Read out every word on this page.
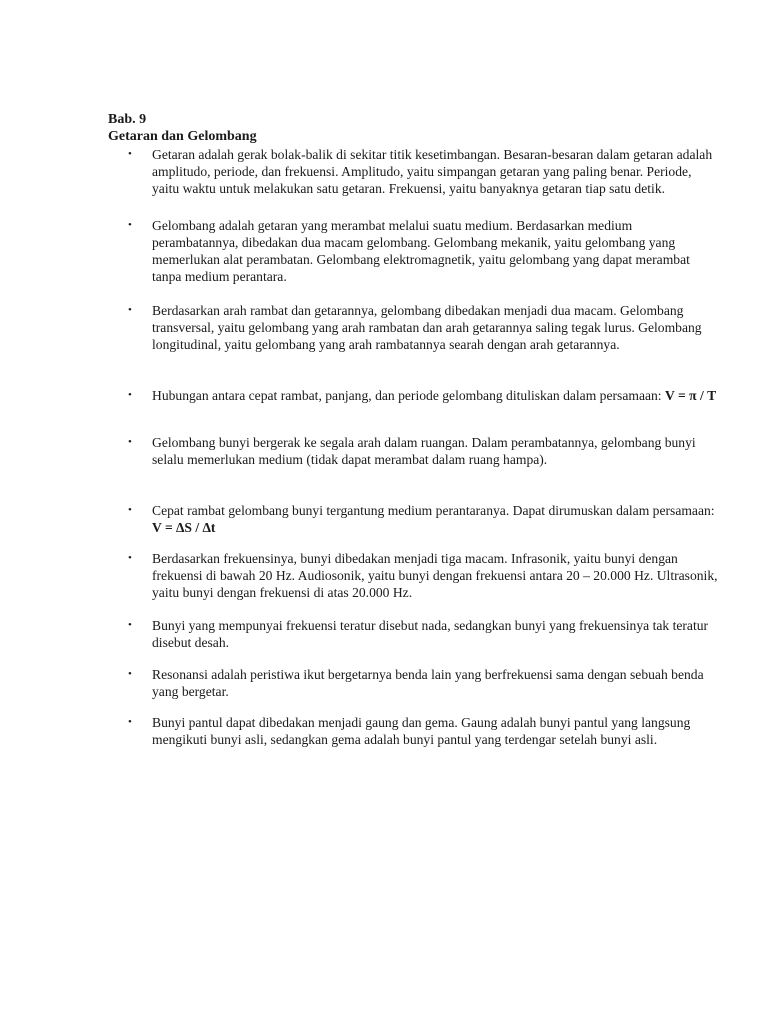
Bab. 9

Getaran dan Gelombang

•	Getaran adalah gerak bolak-balik di sekitar titik kesetimbangan. Besaran-besaran dalam getaran adalah amplitudo, periode, dan frekuensi. Amplitudo, yaitu simpangan getaran yang paling benar. Periode, yaitu waktu untuk melakukan satu getaran. Frekuensi, yaitu banyaknya getaran tiap satu detik.
•	Gelombang adalah getaran yang merambat melalui suatu medium. Berdasarkan medium perambatannya, dibedakan dua macam gelombang. Gelombang mekanik, yaitu gelombang yang memerlukan alat perambatan. Gelombang elektromagnetik, yaitu gelombang yang dapat merambat tanpa medium perantara.
•	Berdasarkan arah rambat dan getarannya, gelombang dibedakan menjadi dua macam. Gelombang transversal, yaitu gelombang yang arah rambatan dan arah getarannya saling tegak lurus. Gelombang longitudinal, yaitu gelombang yang arah rambatannya searah dengan arah getarannya.
•	Hubungan antara cepat rambat, panjang, dan periode gelombang dituliskan dalam persamaan: V = π / T
•	Gelombang bunyi bergerak ke segala arah dalam ruangan. Dalam perambatannya, gelombang bunyi selalu memerlukan medium (tidak dapat merambat dalam ruang hampa).
•	Cepat rambat gelombang bunyi tergantung medium perantaranya. Dapat dirumuskan dalam persamaan: V = ∆S / ∆t
•	Berdasarkan frekuensinya, bunyi dibedakan menjadi tiga macam. Infrasonik, yaitu bunyi dengan frekuensi di bawah 20 Hz. Audiosonik, yaitu bunyi dengan frekuensi antara 20 – 20.000 Hz. Ultrasonik, yaitu bunyi dengan frekuensi di atas 20.000 Hz.
•	Bunyi yang mempunyai frekuensi teratur disebut nada, sedangkan bunyi yang frekuensinya tak teratur disebut desah.
•	Resonansi adalah peristiwa ikut bergetarnya benda lain yang berfrekuensi sama dengan sebuah benda yang bergetar.
•	Bunyi pantul dapat dibedakan menjadi gaung dan gema. Gaung adalah bunyi pantul yang langsung mengikuti bunyi asli, sedangkan gema adalah bunyi pantul yang terdengar setelah bunyi asli.
